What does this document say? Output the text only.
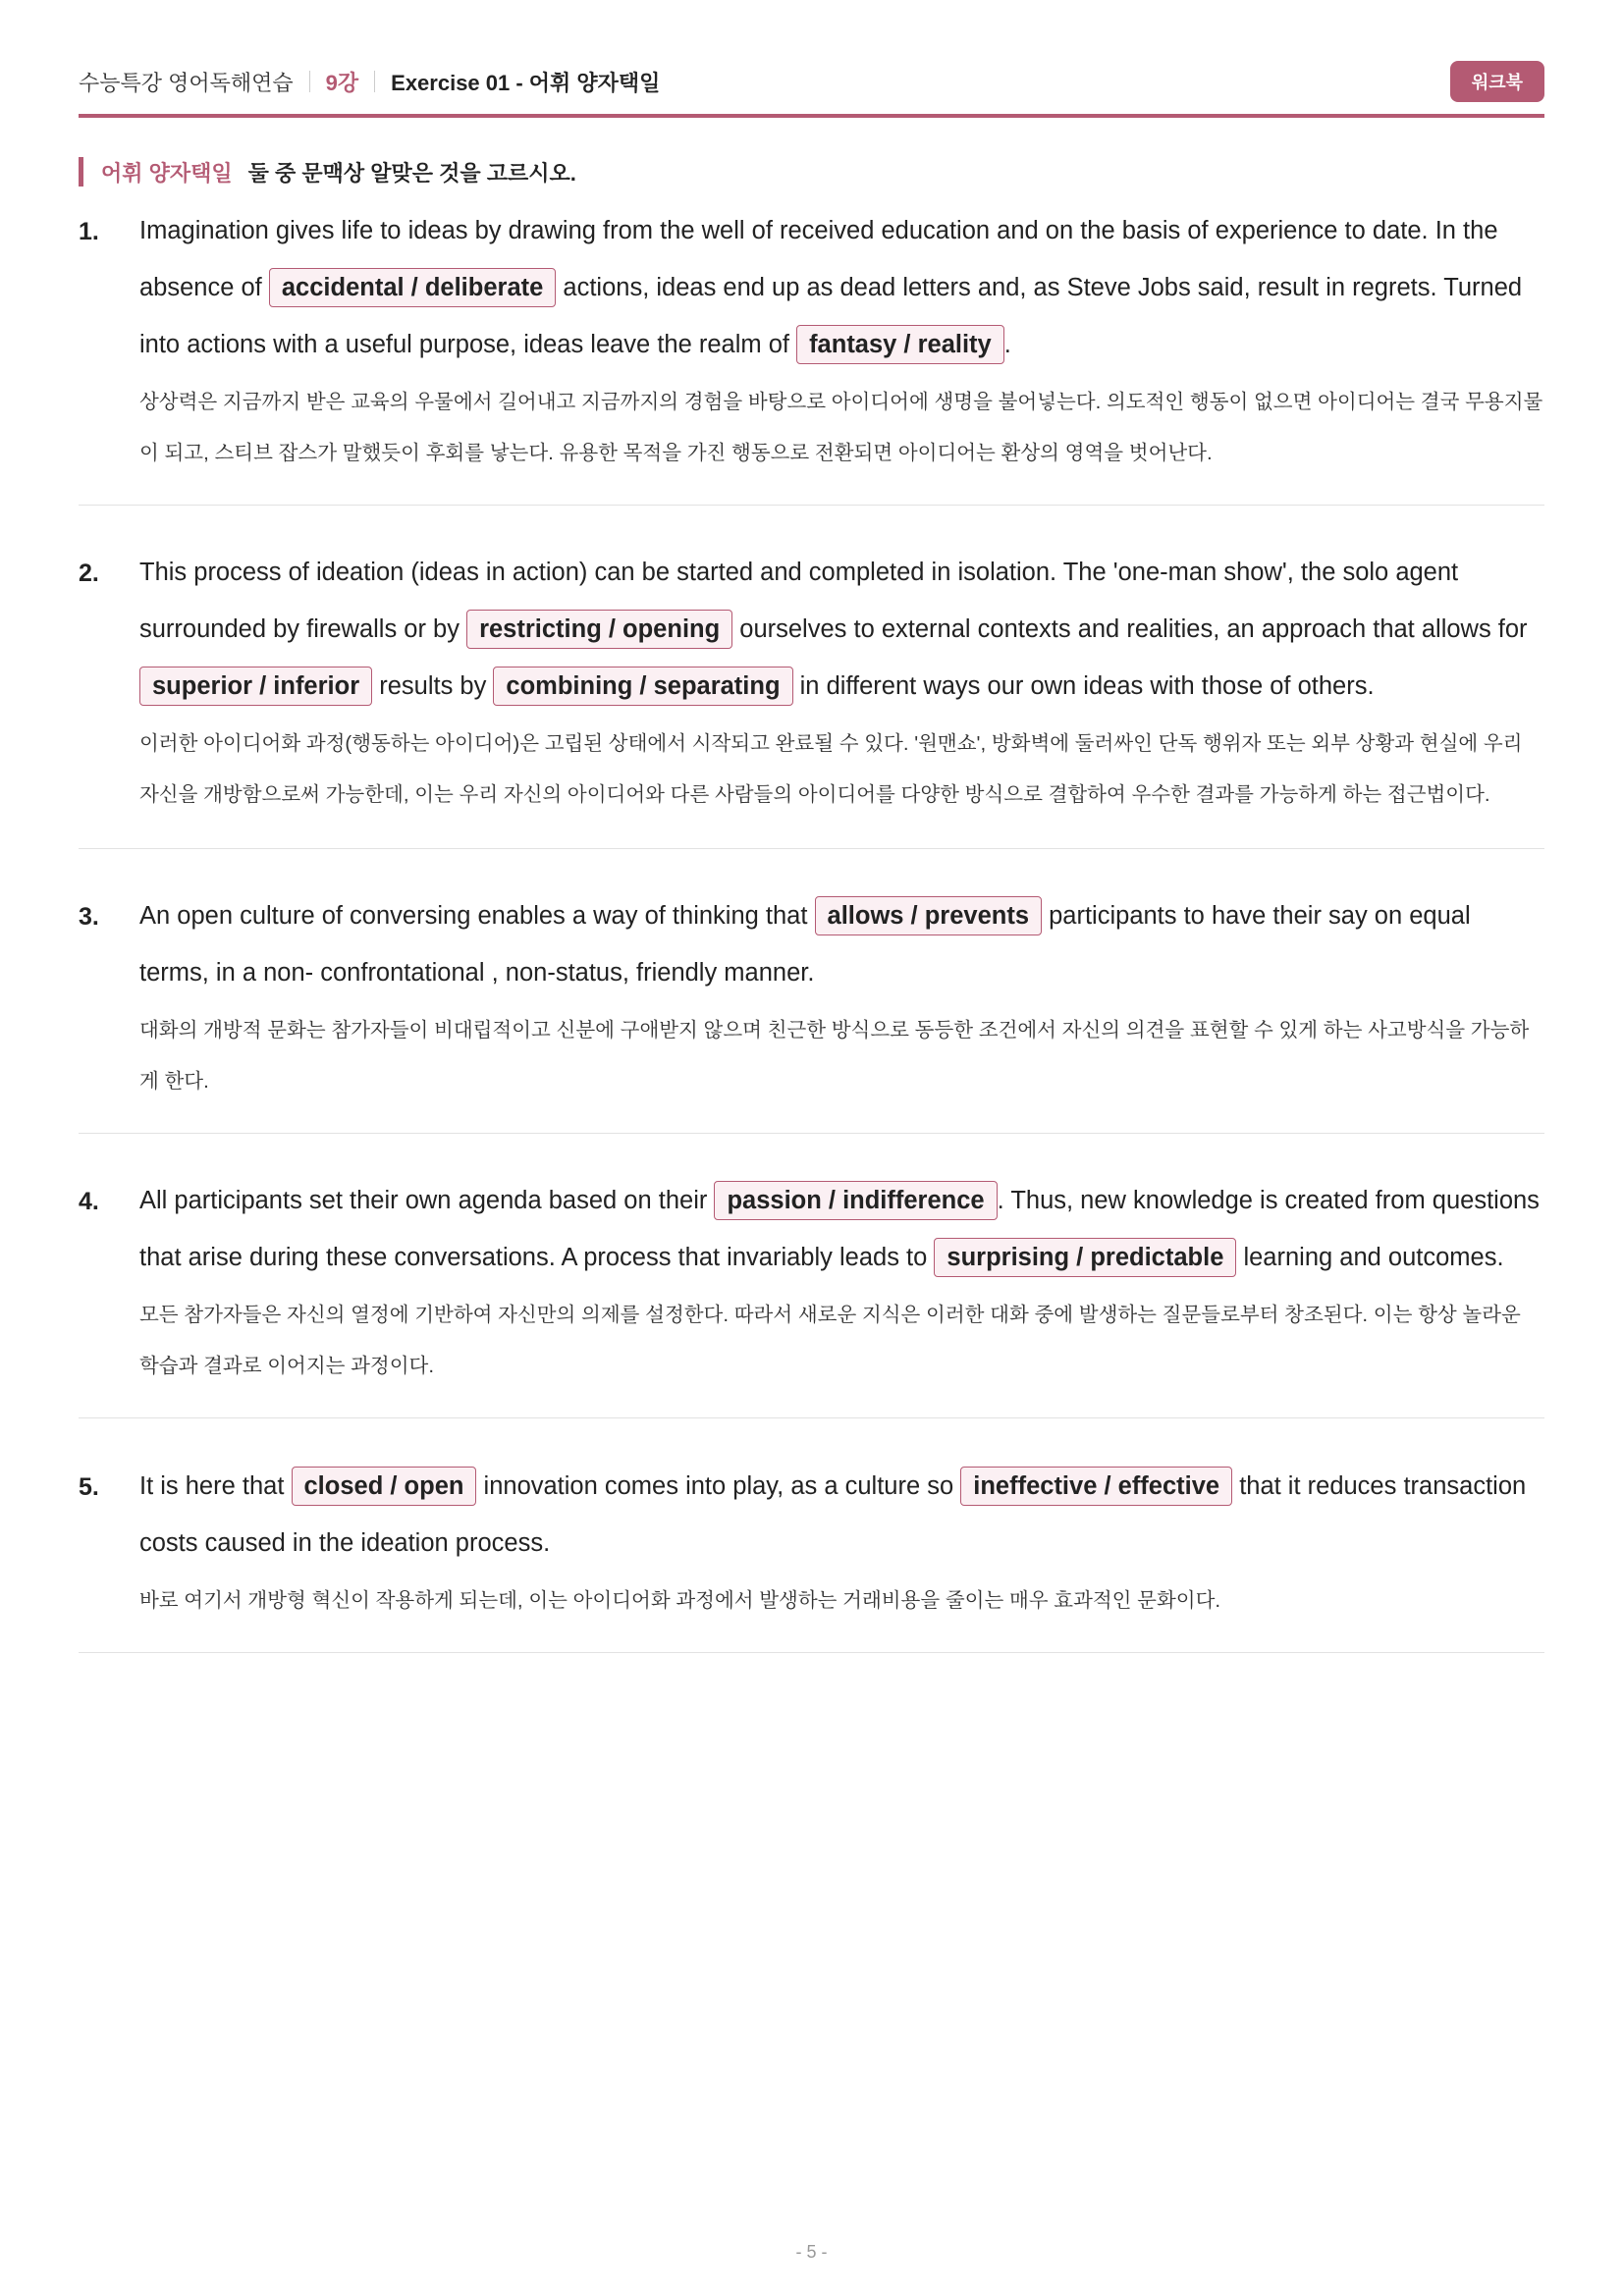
수능특강 영어독해연습 9강 Exercise 01 - 어휘 양자택일	워크북
어휘 양자택일 둘 중 문맥상 알맞은 것을 고르시오.
1. Imagination gives life to ideas by drawing from the well of received education and on the basis of experience to date. In the absence of accidental / deliberate actions, ideas end up as dead letters and, as Steve Jobs said, result in regrets. Turned into actions with a useful purpose, ideas leave the realm of fantasy / reality .

상상력은 지금까지 받은 교육의 우물에서 길어내고 지금까지의 경험을 바탕으로 아이디어에 생명을 불어넣는다. 의도적인 행동이 없으면 아이디어는 결국 무용지물이 되고, 스티브 잡스가 말했듯이 후회를 낳는다. 유용한 목적을 가진 행동으로 전환되면 아이디어는 환상의 영역을 벗어난다.

2. This process of ideation (ideas in action) can be started and completed in isolation. The 'one-man show', the solo agent surrounded by firewalls or by restricting / opening ourselves to external contexts and realities, an approach that allows for superior / inferior results by combining / separating in different ways our own ideas with those of others.

이러한 아이디어화 과정(행동하는 아이디어)은 고립된 상태에서 시작되고 완료될 수 있다. '원맨쇼', 방화벽에 둘러싸인 단독 행위자 또는 외부 상황과 현실에 우리 자신을 개방함으로써 가능한데, 이는 우리 자신의 아이디어와 다른 사람들의 아이디어를 다양한 방식으로 결합하여 우수한 결과를 가능하게 하는 접근법이다.

3. An open culture of conversing enables a way of thinking that allows / prevents participants to have their say on equal terms, in a non- confrontational , non-status, friendly manner.

대화의 개방적 문화는 참가자들이 비대립적이고 신분에 구애받지 않으며 친근한 방식으로 동등한 조건에서 자신의 의견을 표현할 수 있게 하는 사고방식을 가능하게 한다.

4. All participants set their own agenda based on their passion / indifference . Thus, new knowledge is created from questions that arise during these conversations. A process that invariably leads to surprising / predictable learning and outcomes.

모든 참가자들은 자신의 열정에 기반하여 자신만의 의제를 설정한다. 따라서 새로운 지식은 이러한 대화 중에 발생하는 질문들로부터 창조된다. 이는 항상 놀라운 학습과 결과로 이어지는 과정이다.

5. It is here that closed / open innovation comes into play, as a culture so ineffective / effective that it reduces transaction costs caused in the ideation process.

바로 여기서 개방형 혁신이 작용하게 되는데, 이는 아이디어화 과정에서 발생하는 거래비용을 줄이는 매우 효과적인 문화이다.

- 5 -
